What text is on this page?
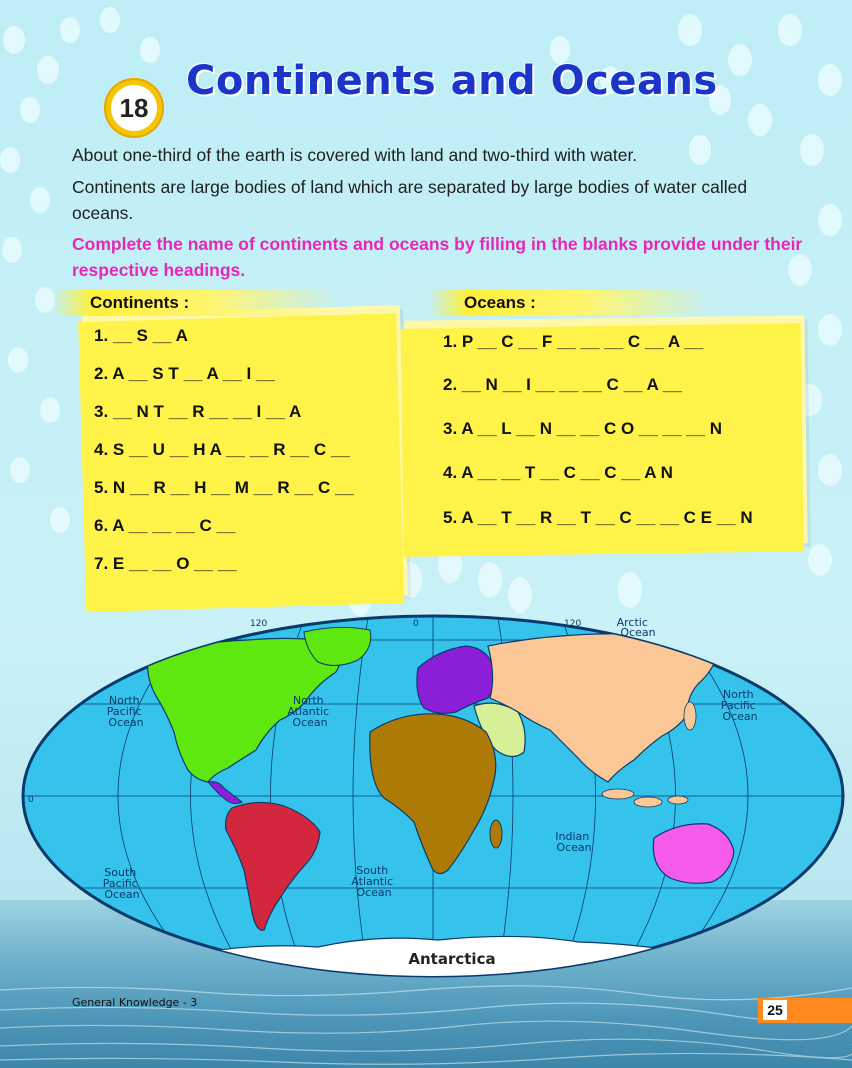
18
Continents and Oceans
About one-third of the earth is covered with land and two-third with water.
Continents are large bodies of land which are separated by large bodies of water called oceans.
Complete the name of continents and oceans by filling in the blanks provide under their respective headings.
Continents :
1. __ S __ A
2. A __ S T __ A __ I __
3. __ N T __ R __ __ I __ A
4. S __ U __ H A __ __ R __ C __
5. N __ R __ H __ M __ R __ C __
6. A __ __ __ C __
7. E __ __ O __ __
Oceans :
1. P __ C __ F __ __ __ C __ A __
2. __ N __ I __ __ __ C __ A __
3. A __ L __ N __ __ C O __ __ __ N
4. A __ __ T __ C __ C __ A N
5. A __ T __ R __ T __ C __ __ C E __ N
120	0	120
0
North Pacific Ocean
North Atlantic Ocean
North Pacific Ocean
Arctic Ocean
Indian Ocean
South Pacific Ocean
South Atlantic Ocean
Antarctica
General Knowledge - 3	25
